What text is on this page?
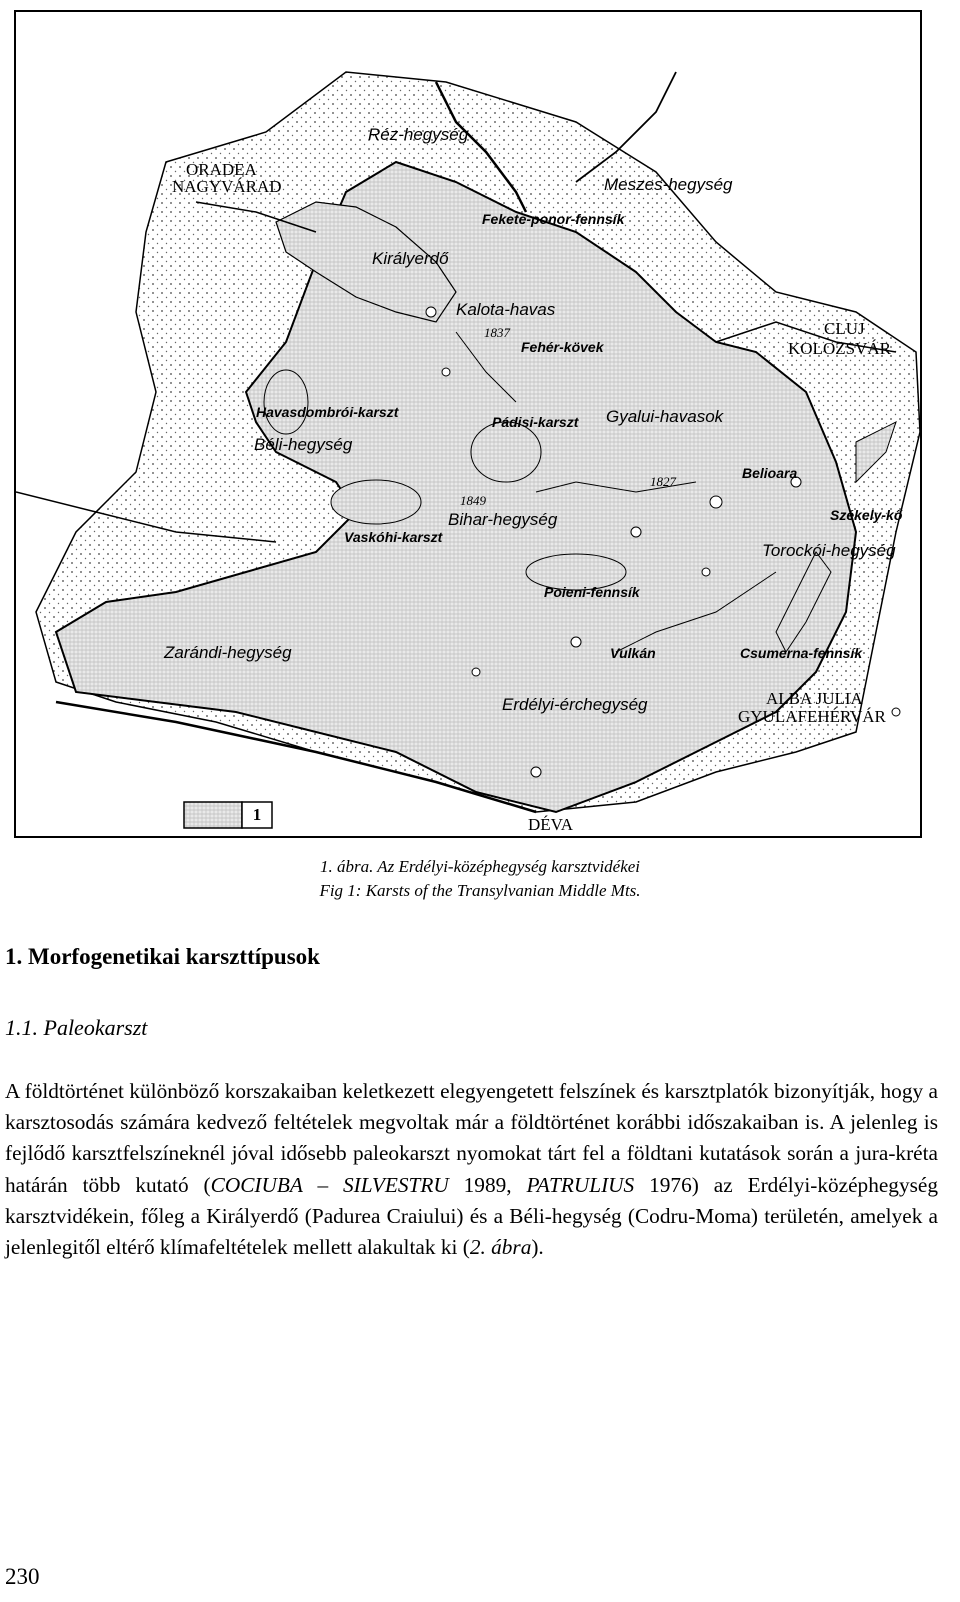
1
Réz-hegység
ORADEA
NAGYVÁRAD	Meszes-hegység
Fekete-ponor-fennsík
Királyerdő
Kalota-havas
1837
Fehér-kövek
CLUJ
KOLOZSVÁR
Havasdombrói-karszt
Pádisi-karszt Gyalui-havasok
Béli-hegység
Belioara
1827
1849
Bihar-hegység	Székely-kő
Vaskóhi-karszt
Torockói-hegység
Poieni-fennsík
Zarándi-hegység	Vulkán	Csumerna-fennsík
ALBA JULIA
GYULAFEHÉRVÁR
Erdélyi-érchegység
DÉVA
1. ábra. Az Erdélyi-középhegység karsztvidékei
Fig 1: Karsts of the Transylvanian Middle Mts.
1. Morfogenetikai karszttípusok
1.1. Paleokarszt
A földtörténet különböző korszakaiban keletkezett elegyengetett felszínek és karsztplatók bizonyítják, hogy a karsztosodás számára kedvező feltételek megvoltak már a földtörténet korábbi időszakaiban is. A jelenleg is fejlődő karsztfelszíneknél jóval idősebb paleokarszt nyomokat tárt fel a földtani kutatások során a jura-kréta határán több kutató (COCIUBA – SILVESTRU 1989, PATRULIUS 1976) az Erdélyi-középhegység karsztvidékein, főleg a Királyerdő (Padurea Craiului) és a Béli-hegység (Codru-Moma) területén, amelyek a jelenlegitől eltérő klímafeltételek mellett alakultak ki (2. ábra).
230
